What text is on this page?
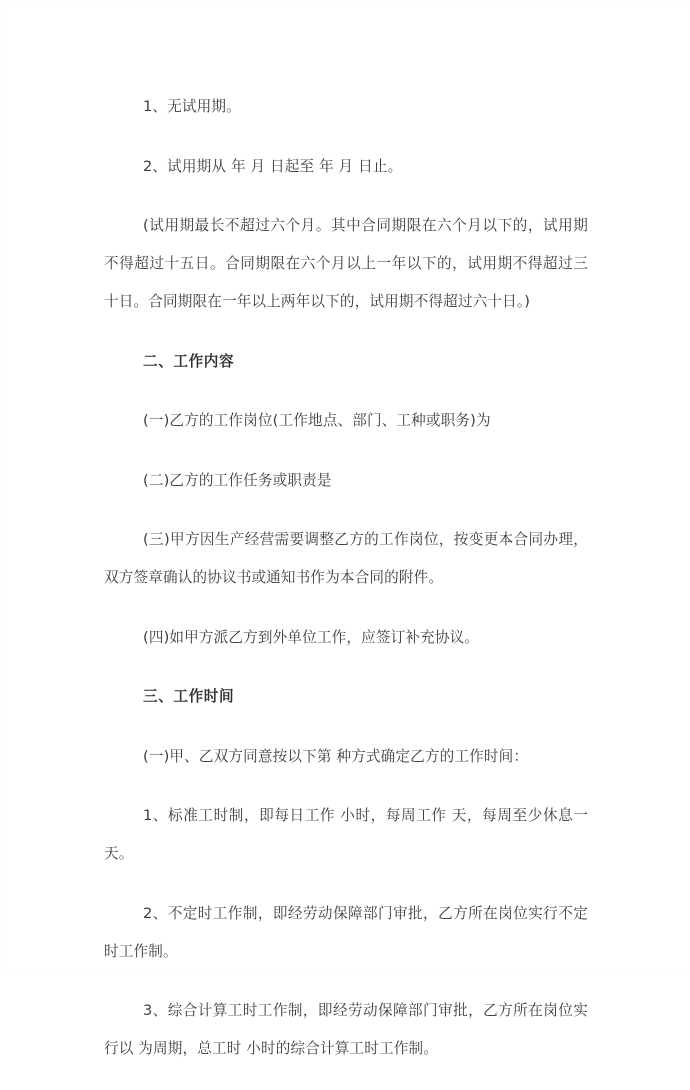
1、无试用期。

2、试用期从 年 月 日起至 年 月 日止。

(试用期最长不超过六个月。其中合同期限在六个月以下的，试用期不得超过十五日。合同期限在六个月以上一年以下的，试用期不得超过三十日。合同期限在一年以上两年以下的，试用期不得超过六十日。)

二、工作内容

(一)乙方的工作岗位(工作地点、部门、工种或职务)为

(二)乙方的工作任务或职责是

(三)甲方因生产经营需要调整乙方的工作岗位，按变更本合同办理，双方签章确认的协议书或通知书作为本合同的附件。

(四)如甲方派乙方到外单位工作，应签订补充协议。

三、工作时间

(一)甲、乙双方同意按以下第 种方式确定乙方的工作时间：

1、标准工时制，即每日工作 小时，每周工作 天，每周至少休息一天。

2、不定时工作制，即经劳动保障部门审批，乙方所在岗位实行不定时工作制。

3、综合计算工时工作制，即经劳动保障部门审批，乙方所在岗位实行以 为周期，总工时 小时的综合计算工时工作制。
